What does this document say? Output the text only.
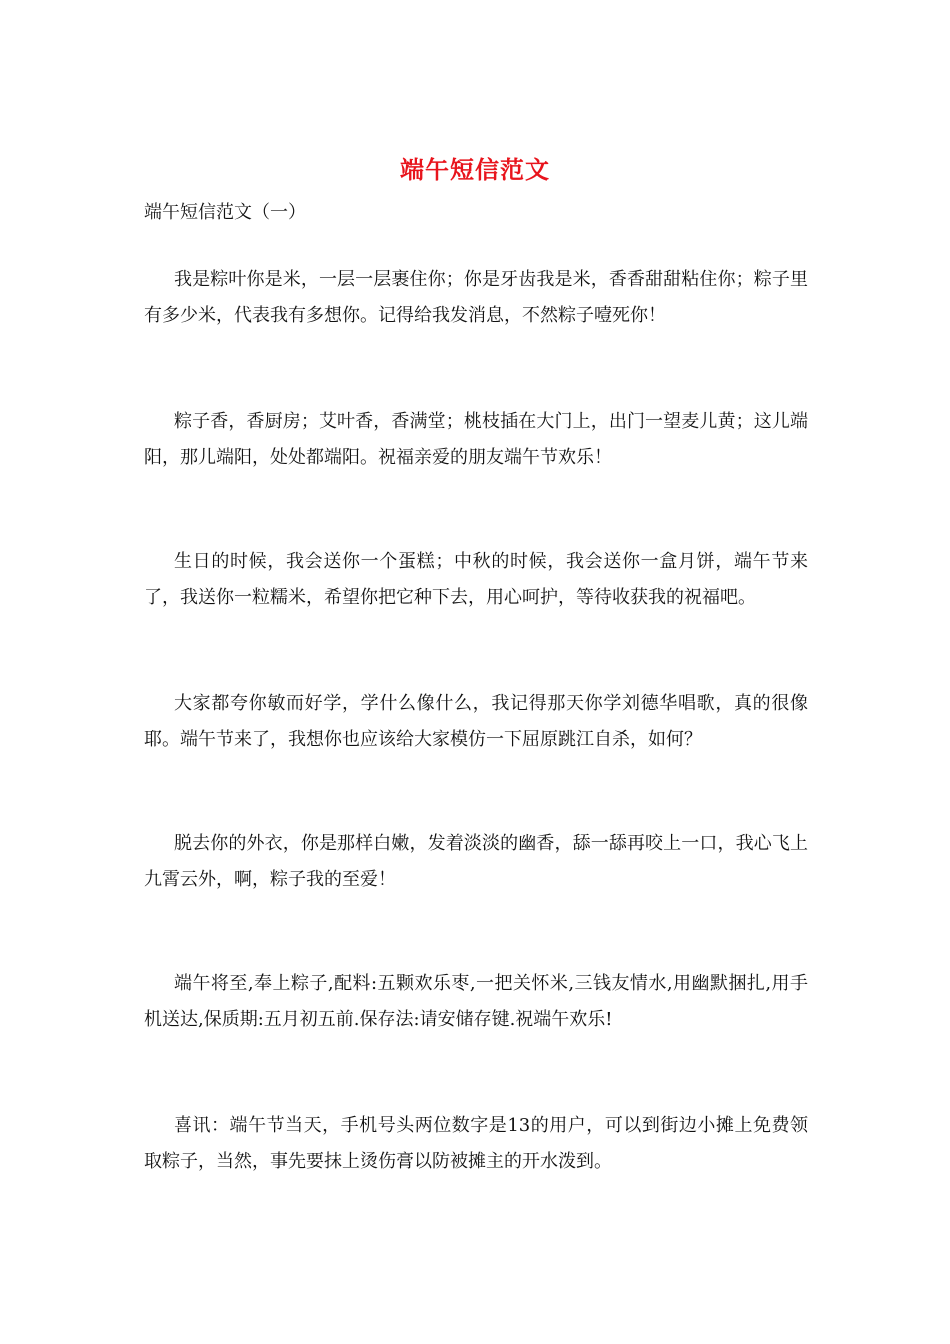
端午短信范文
端午短信范文（一）

我是粽叶你是米，一层一层裹住你；你是牙齿我是米，香香甜甜粘住你；粽子里有多少米，代表我有多想你。记得给我发消息，不然粽子噎死你！

粽子香，香厨房；艾叶香，香满堂；桃枝插在大门上，出门一望麦儿黄；这儿端阳，那儿端阳，处处都端阳。祝福亲爱的朋友端午节欢乐！

生日的时候，我会送你一个蛋糕；中秋的时候，我会送你一盒月饼，端午节来了，我送你一粒糯米，希望你把它种下去，用心呵护，等待收获我的祝福吧。

大家都夸你敏而好学，学什么像什么，我记得那天你学刘德华唱歌，真的很像耶。端午节来了，我想你也应该给大家模仿一下屈原跳江自杀，如何？

脱去你的外衣，你是那样白嫩，发着淡淡的幽香，舔一舔再咬上一口，我心飞上九霄云外，啊，粽子我的至爱！

端午将至,奉上粽子,配料:五颗欢乐枣,一把关怀米,三钱友情水,用幽默捆扎,用手机送达,保质期:五月初五前.保存法:请安储存键.祝端午欢乐!

喜讯：端午节当天，手机号头两位数字是13的用户，可以到街边小摊上免费领取粽子，当然，事先要抹上烫伤膏以防被摊主的开水泼到。
